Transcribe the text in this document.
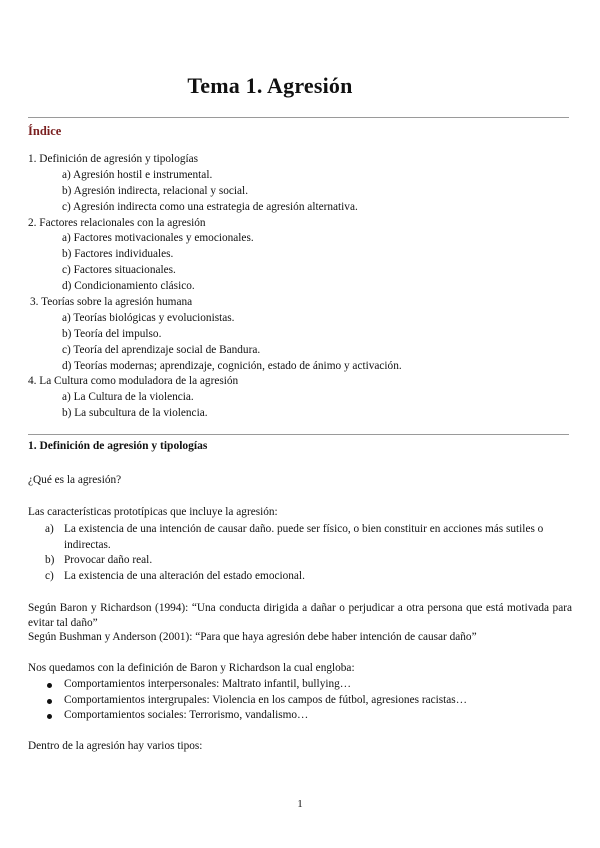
Tema 1. Agresión
Índice
1. Definición de agresión y tipologías
a) Agresión hostil e instrumental.
b) Agresión indirecta, relacional y social.
c) Agresión indirecta como una estrategia de agresión alternativa.
2. Factores relacionales con la agresión
a) Factores motivacionales y emocionales.
b) Factores individuales.
c) Factores situacionales.
d) Condicionamiento clásico.
3. Teorías sobre la agresión humana
a) Teorías biológicas y evolucionistas.
b) Teoría del impulso.
c) Teoría del aprendizaje social de Bandura.
d) Teorías modernas; aprendizaje, cognición, estado de ánimo y activación.
4. La Cultura como moduladora de la agresión
a) La Cultura de la violencia.
b) La subcultura de la violencia.
1. Definición de agresión y tipologías
¿Qué es la agresión?
Las características prototípicas que incluye la agresión:
a) La existencia de una intención de causar daño. puede ser físico, o bien constituir en acciones más sutiles o indirectas.
b) Provocar daño real.
c) La existencia de una alteración del estado emocional.
Según Baron y Richardson (1994): “Una conducta dirigida a dañar o perjudicar a otra persona que está motivada para evitar tal daño”
Según Bushman y Anderson (2001): “Para que haya agresión debe haber intención de causar daño”
Nos quedamos con la definición de Baron y Richardson la cual engloba:
Comportamientos interpersonales: Maltrato infantil, bullying…
Comportamientos intergrupales: Violencia en los campos de fútbol, agresiones racistas…
Comportamientos sociales: Terrorismo, vandalismo…
Dentro de la agresión hay varios tipos:
1
